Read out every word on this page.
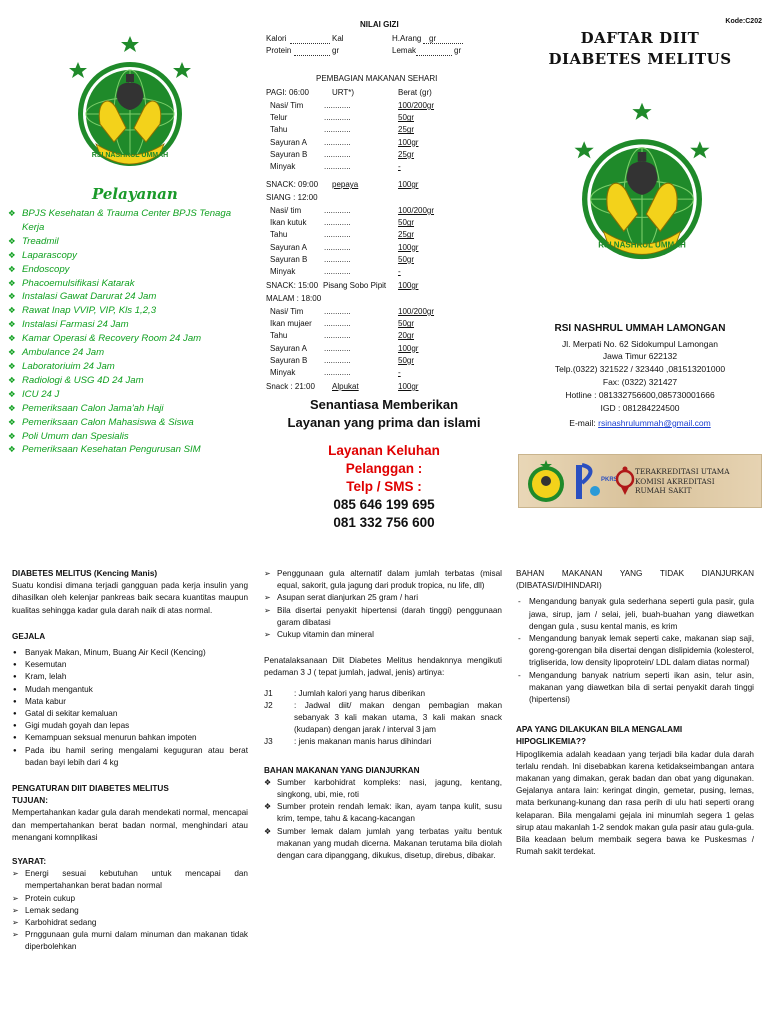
RSI NASHRUL UMMAH
Pelayanan
❖ BPJS Kesehatan & Trauma Center BPJS Tenaga Kerja
❖ Treadmil
❖ Laparascopy
❖ Endoscopy
❖ Phacoemulsifikasi Katarak
❖ Instalasi Gawat Darurat 24 Jam
❖ Rawat Inap VVIP, VIP, Kls 1,2,3
❖ Instalasi Farmasi 24 Jam
❖ Kamar Operasi & Recovery Room 24 Jam
❖ Ambulance 24 Jam
❖ Laboratoriuim 24 Jam
❖ Radiologi & USG 4D 24 Jam
❖ ICU 24 J
❖ Pemeriksaan Calon Jama'ah Haji
❖ Pemeriksaan Calon Mahasiswa & Siswa
❖ Poli Umum dan Spesialis
❖ Pemeriksaan Kesehatan Pengurusan SIM
NILAI GIZI
Kalori	Kal	H.Arang gr
Protein	gr	Lemak	gr
PEMBAGIAN MAKANAN SEHARI
PAGI: 06:00	URT*)	Berat (gr)
Nasi/ Tim	............	100/200gr
Telur	............	50gr
Tahu	............	25gr
Sayuran A ............	100gr
Sayuran B ............	25gr
Minyak	............	-
SNACK: 09:00 pepaya	100gr
SIANG : 12:00
Nasi/ tim	............	100/200gr
Ikan kutuk ............	50gr
Tahu	............	25gr
Sayuran A ............	100gr
Sayuran B ............	50gr
Minyak	............	-
SNACK: 15:00 Pisang Sobo Pipit 100gr
MALAM : 18:00
Nasi/ Tim	............	100/200gr
Ikan mujaer ............	50gr
Tahu	............	20gr
Sayuran A ............	100gr
Sayuran B ............	50gr
Minyak	............	-
Snack : 21:00 Alpukat	100gr
Senantiasa Memberikan
Layanan yang prima dan islami
Layanan Keluhan
Pelanggan :
Telp / SMS :
085 646 199 695
081 332 756 600
Kode:C202
DAFTAR DIIT
DIABETES MELITUS
RSI NASHRUL UMMAH
RSI NASHRUL UMMAH LAMONGAN
Jl. Merpati No. 62 Sidokumpul Lamongan
Jawa Timur 622132
Telp.(0322) 321522 / 323440 ,081513201000
Fax: (0322) 321427
Hotline : 081332756600,085730001666
IGD : 081284224500
E-mail: rsinashrulummah@gmail.com
PKRS
TERAKREDITASI UTAMA
KOMISI AKREDITASI
RUMAH SAKIT
DIABETES MELITUS (Kencing Manis)

Suatu kondisi dimana terjadi gangguan pada kerja insulin yang dihasilkan oleh kelenjar pankreas baik secara kuantitas maupun kualitas sehingga kadar gula darah naik di atas normal.

GEJALA
● Banyak Makan, Minum, Buang Air Kecil (Kencing)
● Kesemutan
● Kram, lelah
● Mudah mengantuk
● Mata kabur
● Gatal di sekitar kemaluan
● Gigi mudah goyah dan lepas
● Kemampuan seksual menurun bahkan impoten
● Pada ibu hamil sering mengalami keguguran atau berat badan bayi lebih dari 4 kg
PENGATURAN DIIT DIABETES MELITUS
TUJUAN:

Mempertahankan kadar gula darah mendekati normal, mencapai dan mempertahankan berat badan normal, menghindari atau menangani komnplikasi

SYARAT:
➢ Energi sesuai kebutuhan untuk mencapai dan mempertahankan berat badan normal
➢ Protein cukup
➢ Lemak sedang
➢ Karbohidrat sedang
➢ Prnggunaan gula murni dalam minuman dan makanan tidak diperbolehkan
➢ Penggunaan gula alternatif dalam jumlah terbatas (misal equal, sakorit, gula jagung dari produk tropica, nu life, dll)
➢ Asupan serat dianjurkan 25 gram / hari
➢ Bila disertai penyakit hipertensi (darah tinggi) penggunaan garam dibatasi
➢ Cukup vitamin dan mineral

Penatalaksanaan Diit Diabetes Melitus hendaknnya mengikuti pedaman 3 J ( tepat jumlah, jadwal, jenis) artinya:

J1	: Jumlah kalori yang harus diberikan
J2	: Jadwal diit/ makan dengan pembagian makan sebanyak 3 kali makan utama, 3 kali makan snack (kudapan) dengan jarak / interval 3 jam
J3	: jenis makanan manis harus dihindari
BAHAN MAKANAN YANG DIANJURKAN
❖ Sumber karbohidrat kompleks: nasi, jagung, kentang, singkong, ubi, mie, roti
❖ Sumber protein rendah lemak: ikan, ayam tanpa kulit, susu krim, tempe, tahu & kacang-kacangan
❖ Sumber lemak dalam jumlah yang terbatas yaitu bentuk makanan yang mudah dicerna. Makanan terutama bila diolah dengan cara dipanggang, dikukus, disetup, direbus, dibakar.
BAHAN MAKANAN YANG TIDAK DIANJURKAN (DIBATASI/DIHINDARI)
- Mengandung banyak gula sederhana seperti gula pasir, gula jawa, sirup, jam / selai, jeli, buah-buahan yang diawetkan dengan gula , susu kental manis, es krim
- Mengandung banyak lemak seperti cake, makanan siap saji, goreng-gorengan bila disertai dengan dislipidemia (kolesterol, trigliserida, low density lipoprotein/ LDL dalam diatas normal)
- Mengandung banyak natrium seperti ikan asin, telur asin, makanan yang diawetkan bila di sertai penyakit darah tinggi (hipertensi)
APA YANG DILAKUKAN BILA MENGALAMI HIPOGLIKEMIA??

Hipoglikemia adalah keadaan yang terjadi bila kadar dula darah terlalu rendah. Ini disebabkan karena ketidakseimbangan antara makanan yang dimakan, gerak badan dan obat yang digunakan. Gejalanya antara lain: keringat dingin, gemetar, pusing, lemas, mata berkunang-kunang dan rasa perih di ulu hati seperti orang kelaparan. Bila mengalami gejala ini minumlah segera 1 gelas sirup atau makanlah 1-2 sendok makan gula pasir atau gula-gula. Bila keadaan belum membaik segera bawa ke Puskesmas / Rumah sakit terdekat.
